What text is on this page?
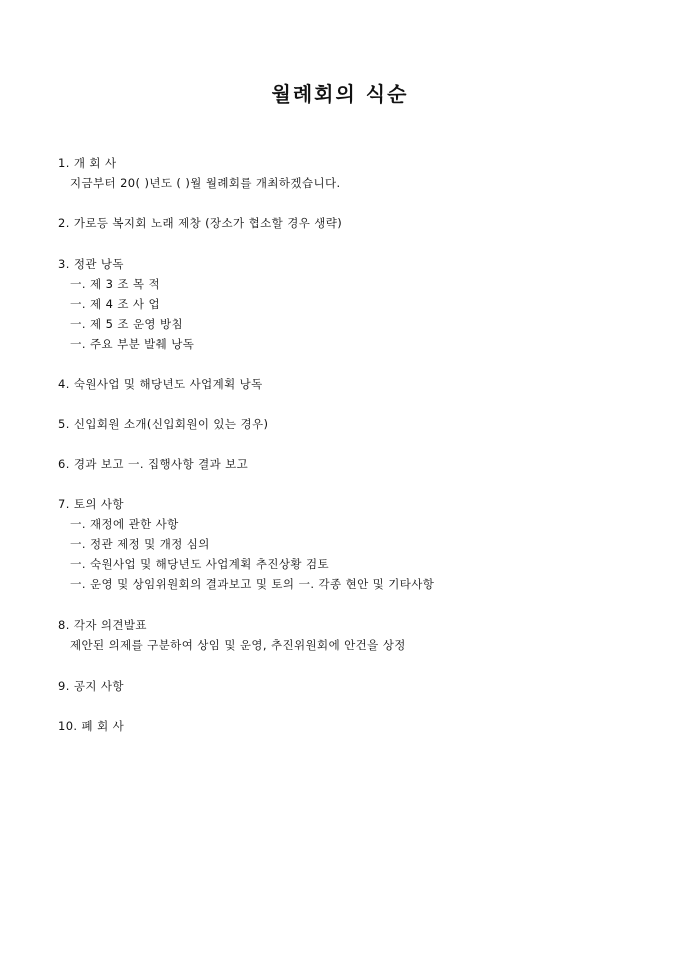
월례회의 식순
1. 개 회 사
지금부터 20( )년도 ( )월 월례회를 개최하겠습니다.
2. 가로등 복지회 노래 제창 (장소가 협소할 경우 생략)
3. 정관 낭독
一. 제 3 조 목 적
一. 제 4 조 사 업
一. 제 5 조 운영 방침
一. 주요 부분 발췌 낭독
4. 숙원사업 및 해당년도 사업계획 낭독
5. 신입회원 소개(신입회원이 있는 경우)
6. 경과 보고 一. 집행사항 결과 보고
7. 토의 사항
一. 재정에 관한 사항
一. 정관 제정 및 개정 심의
一. 숙원사업 및 해당년도 사업계획 추진상황 검토
一. 운영 및 상임위원회의 결과보고 및 토의 一. 각종 현안 및 기타사항
8. 각자 의견발표
제안된 의제를 구분하여 상임 및 운영, 추진위원회에 안건을 상정
9. 공지 사항
10. 폐 회 사
